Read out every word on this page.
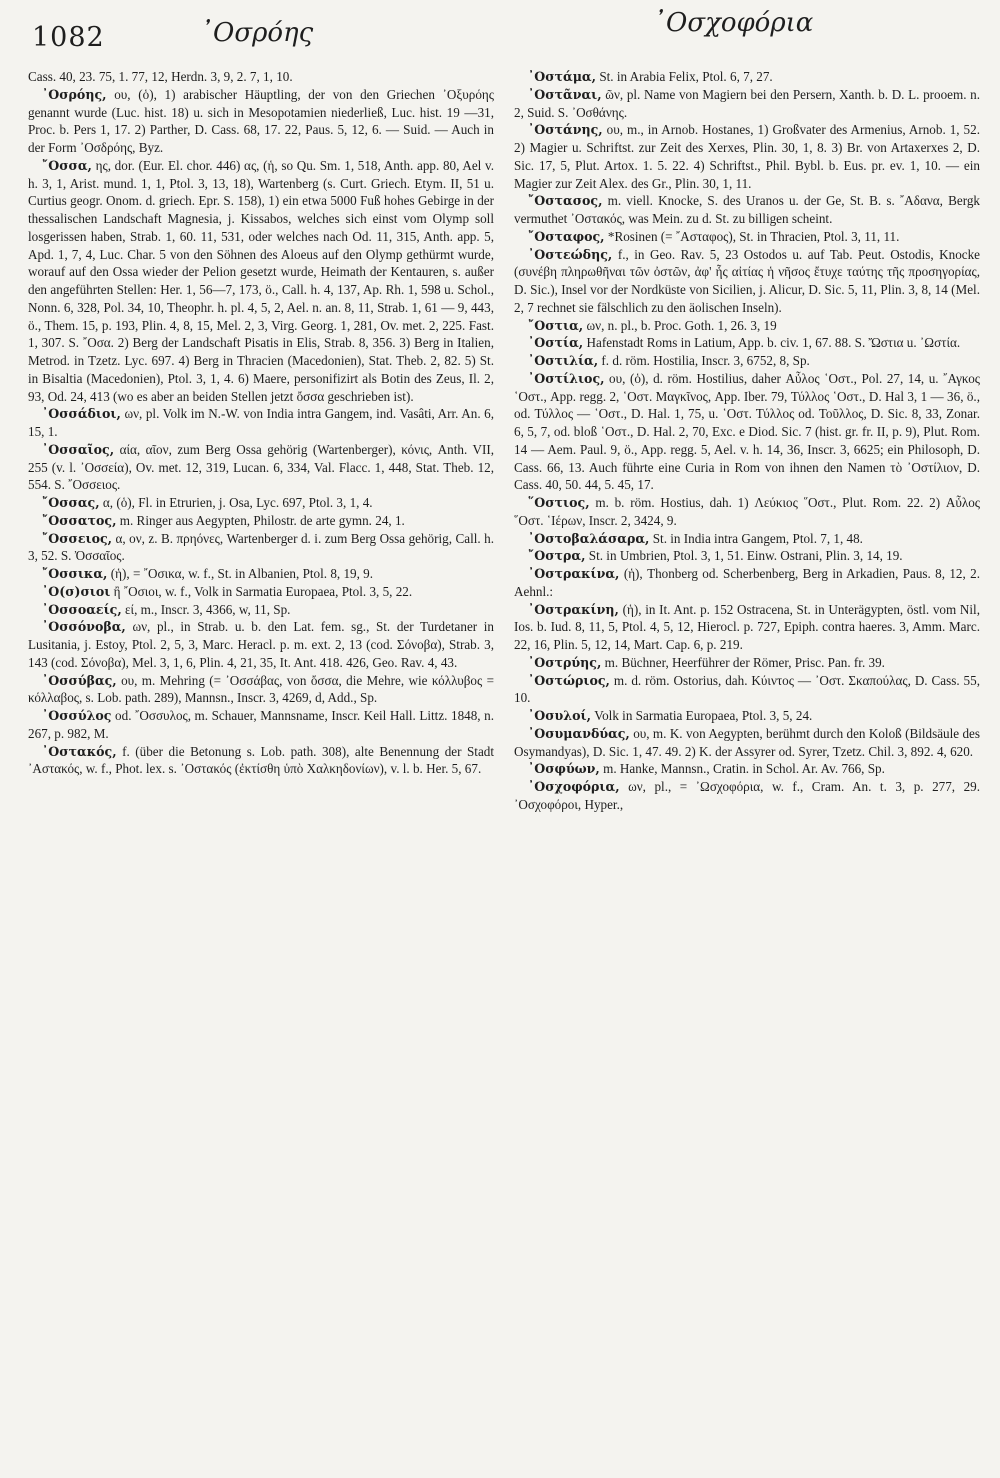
1082	᾿Οσρόης	᾿Οσχοφόρια

Cass. 40, 23. 75, 1. 77, 12, Herdn. 3, 9, 2. 7, 1, 10.

᾿Οσρόης, ου, (ὁ), 1) arabischer Häuptling, der von den Griechen ᾿Οξυρόης genannt wurde (Luc. hist. 18) u. sich in Mesopotamien niederließ, Luc. hist. 19 —31, Proc. b. Pers 1, 17. 2) Parther, D. Cass. 68, 17. 22, Paus. 5, 12, 6. — Suid. — Auch in der Form ᾿Οσδρόης, Byz.

῎Οσσα, ης, dor. (Eur. El. chor. 446) ας, (ἡ, so Qu. Sm. 1, 518, Anth. app. 80, Ael v. h. 3, 1, Arist. mund. 1, 1, Ptol. 3, 13, 18), Wartenberg (s. Curt. Griech. Etym. II, 51 u. Curtius geogr. Onom. d. griech. Epr. S. 158), 1) ein etwa 5000 Fuß hohes Gebirge in der thessalischen Landschaft Magnesia, j. Kissabos, welches sich einst vom Olymp soll losgerissen haben, Strab. 1, 60. 11, 531, oder welches nach Od. 11, 315, Anth. app. 5, Apd. 1, 7, 4, Luc. Char. 5 von den Söhnen des Aloeus auf den Olymp gethürmt wurde, worauf auf den Ossa wieder der Pelion gesetzt wurde, Heimath der Kentauren, s. außer den angeführten Stellen: Her. 1, 56—7, 173, ö., Call. h. 4, 137, Ap. Rh. 1, 598 u. Schol., Nonn. 6, 328, Pol. 34, 10, Theophr. h. pl. 4, 5, 2, Ael. n. an. 8, 11, Strab. 1, 61 — 9, 443, ö., Them. 15, p. 193, Plin. 4, 8, 15, Mel. 2, 3, Virg. Georg. 1, 281, Ov. met. 2, 225. Fast. 1, 307. S. ῎Οσα. 2) Berg der Landschaft Pisatis in Elis, Strab. 8, 356. 3) Berg in Italien, Metrod. in Tzetz. Lyc. 697. 4) Berg in Thracien (Macedonien), Stat. Theb. 2, 82. 5) St. in Bisaltia (Macedonien), Ptol. 3, 1, 4. 6) Maere, personifizirt als Botin des Zeus, Il. 2, 93, Od. 24, 413 (wo es aber an beiden Stellen jetzt ὄσσα geschrieben ist).

᾿Οσσάδιοι, ων, pl. Volk im N.-W. von India intra Gangem, ind. Vasâti, Arr. An. 6, 15, 1.

᾿Οσσαῖος, αία, αῖον, zum Berg Ossa gehörig (Wartenberger), κόνις, Anth. VII, 255 (v. l. ᾿Οσσεία), Ov. met. 12, 319, Lucan. 6, 334, Val. Flacc. 1, 448, Stat. Theb. 12, 554. S. ῎Οσσειος.

῎Οσσας, α, (ὁ), Fl. in Etrurien, j. Osa, Lyc. 697, Ptol. 3, 1, 4.

῎Οσσατος, m. Ringer aus Aegypten, Philostr. de arte gymn. 24, 1.

῎Οσσειος, α, ον, z. B. πρηόνες, Wartenberger d. i. zum Berg Ossa gehörig, Call. h. 3, 52. S. Ὀσσαῖος.

῎Οσσικα, (ἡ), = ῎Οσικα, w. f., St. in Albanien, Ptol. 8, 19, 9.

᾿Ο(σ)σιοι ἢ ῎Οσιοι, w. f., Volk in Sarmatia Europaea, Ptol. 3, 5, 22.

᾿Οσσοαείς, εί, m., Inscr. 3, 4366, w, 11, Sp.

᾿Οσσόνοβα, ων, pl., in Strab. u. b. den Lat. fem. sg., St. der Turdetaner in Lusitania, j. Estoy, Ptol. 2, 5, 3, Marc. Heracl. p. m. ext. 2, 13 (cod. Σόνοβα), Strab. 3, 143 (cod. Σόνοβα), Mel. 3, 1, 6, Plin. 4, 21, 35, It. Ant. 418. 426, Geo. Rav. 4, 43.

᾿Οσσύβας, ου, m. Mehring (= ᾿Οσσάβας, von ὄσσα, die Mehre, wie κόλλυβος = κόλλαβος, s. Lob. path. 289), Mannsn., Inscr. 3, 4269, d, Add., Sp.

᾿Οσσύλος od. ῎Οσσυλος, m. Schauer, Mannsname, Inscr. Keil Hall. Littz. 1848, n. 267, p. 982, M.

᾿Οστακός, f. (über die Betonung s. Lob. path. 308), alte Benennung der Stadt ᾿Αστακός, w. f., Phot. lex. s. ᾿Οστακός (ἐκτίσθη ὑπὸ Χαλκηδονίων), v. l. b. Her. 5, 67.

᾿Οστάμα, St. in Arabia Felix, Ptol. 6, 7, 27.

᾿Οστᾶναι, ῶν, pl. Name von Magiern bei den Persern, Xanth. b. D. L. prooem. n. 2, Suid. S. ᾿Οσθάνης.

᾿Οστάνης, ου, m., in Arnob. Hostanes, 1) Großvater des Armenius, Arnob. 1, 52. 2) Magier u. Schriftst. zur Zeit des Xerxes, Plin. 30, 1, 8. 3) Br. von Artaxerxes 2, D. Sic. 17, 5, Plut. Artox. 1. 5. 22. 4) Schriftst., Phil. Bybl. b. Eus. pr. ev. 1, 10. — ein Magier zur Zeit Alex. des Gr., Plin. 30, 1, 11.

῎Οστασος, m. viell. Knocke, S. des Uranos u. der Ge, St. B. s. ῎Αδανα, Bergk vermuthet ᾿Οστακός, was Mein. zu d. St. zu billigen scheint.

῎Οσταφος, *Rosinen (= ῎Ασταφος), St. in Thracien, Ptol. 3, 11, 11.

᾿Οστεώδης, f., in Geo. Rav. 5, 23 Ostodos u. auf Tab. Peut. Ostodis, Knocke (συνέβη πληρωθῆναι τῶν ὀστῶν, ἀφ' ἧς αἰτίας ἡ νῆσος ἔτυχε ταύτης τῆς προσηγορίας, D. Sic.), Insel vor der Nordküste von Sicilien, j. Alicur, D. Sic. 5, 11, Plin. 3, 8, 14 (Mel. 2, 7 rechnet sie fälschlich zu den äolischen Inseln).

῎Οστια, ων, n. pl., b. Proc. Goth. 1, 26. 3, 19

᾿Οστία, Hafenstadt Roms in Latium, App. b. civ. 1, 67. 88. S. Ὤστια u. ᾿Ωστία.

᾿Οστιλία, f. d. röm. Hostilia, Inscr. 3, 6752, 8, Sp.

᾿Οστίλιος, ου, (ὁ), d. röm. Hostilius, daher Αὖλος ῾Οστ., Pol. 27, 14, u. ῎Αγκος ῾Οστ., App. regg. 2, ῾Οστ. Μαγκῖνος, App. Iber. 79, Τύλλος ῾Οστ., D. Hal 3, 1 — 36, ö., od. Τύλλος — ῾Οστ., D. Hal. 1, 75, u. ῾Οστ. Τύλλος od. Τοῦλλος, D. Sic. 8, 33, Zonar. 6, 5, 7, od. bloß ῾Οστ., D. Hal. 2, 70, Exc. e Diod. Sic. 7 (hist. gr. fr. II, p. 9), Plut. Rom. 14 — Aem. Paul. 9, ö., App. regg. 5, Ael. v. h. 14, 36, Inscr. 3, 6625; ein Philosoph, D. Cass. 66, 13. Auch führte eine Curia in Rom von ihnen den Namen τὸ ᾿Οστίλιον, D. Cass. 40, 50. 44, 5. 45, 17.

῞Οστιος, m. b. röm. Hostius, dah. 1) Λεύκιος ῞Οστ., Plut. Rom. 22. 2) Αὖλος ῞Οστ. ῾Ιέρων, Inscr. 2, 3424, 9.

᾿Οστοβαλάσαρα, St. in India intra Gangem, Ptol. 7, 1, 48.

῎Οστρα, St. in Umbrien, Ptol. 3, 1, 51. Einw. Ostrani, Plin. 3, 14, 19.

᾿Οστρακίνα, (ἡ), Thonberg od. Scherbenberg, Berg in Arkadien, Paus. 8, 12, 2. Aehnl.:

᾿Οστρακίνη, (ἡ), in It. Ant. p. 152 Ostracena, St. in Unterägypten, östl. vom Nil, Ios. b. Iud. 8, 11, 5, Ptol. 4, 5, 12, Hierocl. p. 727, Epiph. contra haeres. 3, Amm. Marc. 22, 16, Plin. 5, 12, 14, Mart. Cap. 6, p. 219.

᾿Οστρύης, m. Büchner, Heerführer der Römer, Prisc. Pan. fr. 39.

᾿Οστώριος, m. d. röm. Ostorius, dah. Κύιντος — ᾿Οστ. Σκαπούλας, D. Cass. 55, 10.

᾿Οσυλοί, Volk in Sarmatia Europaea, Ptol. 3, 5, 24.

᾿Οσυμανδύας, ου, m. K. von Aegypten, berühmt durch den Koloß (Bildsäule des Osymandyas), D. Sic. 1, 47. 49. 2) K. der Assyrer od. Syrer, Tzetz. Chil. 3, 892. 4, 620.

᾿Οσφύων, m. Hanke, Mannsn., Cratin. in Schol. Ar. Av. 766, Sp.

᾿Οσχοφόρια, ων, pl., = ᾿Ωσχοφόρια, w. f., Cram. An. t. 3, p. 277, 29. ᾿Οσχοφόροι, Hyper.,
